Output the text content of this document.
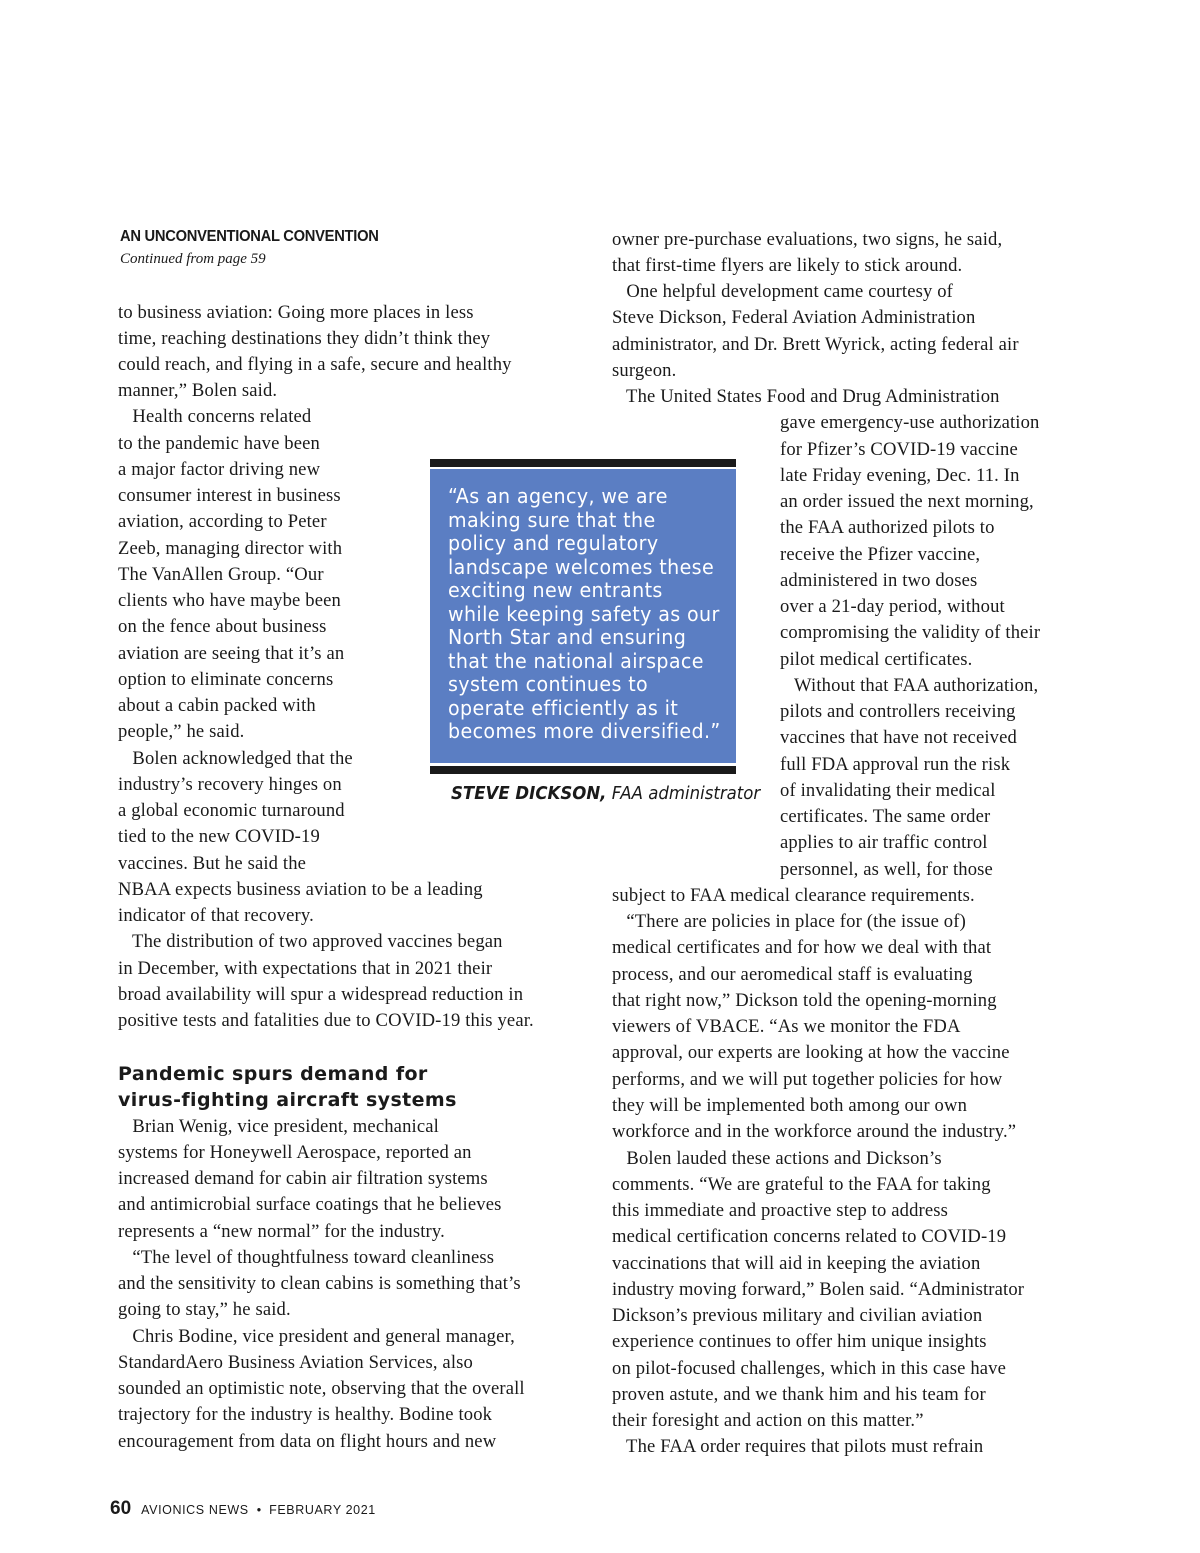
AN UNCONVENTIONAL CONVENTION
Continued from page 59
to business aviation: Going more places in less
time, reaching destinations they didn’t think they
could reach, and flying in a safe, secure and healthy
manner,” Bolen said.
Health concerns related
to the pandemic have been
a major factor driving new
consumer interest in business
aviation, according to Peter
Zeeb, managing director with
The VanAllen Group. “Our
clients who have maybe been
on the fence about business
aviation are seeing that it’s an
option to eliminate concerns
about a cabin packed with
people,” he said.
Bolen acknowledged that the
industry’s recovery hinges on
a global economic turnaround
tied to the new COVID-19
vaccines. But he said the
NBAA expects business aviation to be a leading
indicator of that recovery.
The distribution of two approved vaccines began
in December, with expectations that in 2021 their
broad availability will spur a widespread reduction in
positive tests and fatalities due to COVID-19 this year.
Pandemic spurs demand for
virus-fighting aircraft systems
Brian Wenig, vice president, mechanical
systems for Honeywell Aerospace, reported an
increased demand for cabin air filtration systems
and antimicrobial surface coatings that he believes
represents a “new normal” for the industry.
“The level of thoughtfulness toward cleanliness
and the sensitivity to clean cabins is something that’s
going to stay,” he said.
Chris Bodine, vice president and general manager,
StandardAero Business Aviation Services, also
sounded an optimistic note, observing that the overall
trajectory for the industry is healthy. Bodine took
encouragement from data on flight hours and new
“As an agency, we are
making sure that the
policy and regulatory
landscape welcomes these
exciting new entrants
while keeping safety as our
North Star and ensuring
that the national airspace
system continues to
operate efficiently as it
becomes more diversified.”
STEVE DICKSON, FAA administrator
owner pre-purchase evaluations, two signs, he said,
that first-time flyers are likely to stick around.
One helpful development came courtesy of
Steve Dickson, Federal Aviation Administration
administrator, and Dr. Brett Wyrick, acting federal air
surgeon.
The United States Food and Drug Administration
gave emergency-use authorization
for Pfizer’s COVID-19 vaccine
late Friday evening, Dec. 11. In
an order issued the next morning,
the FAA authorized pilots to
receive the Pfizer vaccine,
administered in two doses
over a 21-day period, without
compromising the validity of their
pilot medical certificates.
Without that FAA authorization,
pilots and controllers receiving
vaccines that have not received
full FDA approval run the risk
of invalidating their medical
certificates. The same order
applies to air traffic control
personnel, as well, for those
subject to FAA medical clearance requirements.
“There are policies in place for (the issue of)
medical certificates and for how we deal with that
process, and our aeromedical staff is evaluating
that right now,” Dickson told the opening-morning
viewers of VBACE. “As we monitor the FDA
approval, our experts are looking at how the vaccine
performs, and we will put together policies for how
they will be implemented both among our own
workforce and in the workforce around the industry.”
Bolen lauded these actions and Dickson’s
comments. “We are grateful to the FAA for taking
this immediate and proactive step to address
medical certification concerns related to COVID-19
vaccinations that will aid in keeping the aviation
industry moving forward,” Bolen said. “Administrator
Dickson’s previous military and civilian aviation
experience continues to offer him unique insights
on pilot-focused challenges, which in this case have
proven astute, and we thank him and his team for
their foresight and action on this matter.”
The FAA order requires that pilots must refrain
60 AVIONICS NEWS • FEBRUARY 2021
